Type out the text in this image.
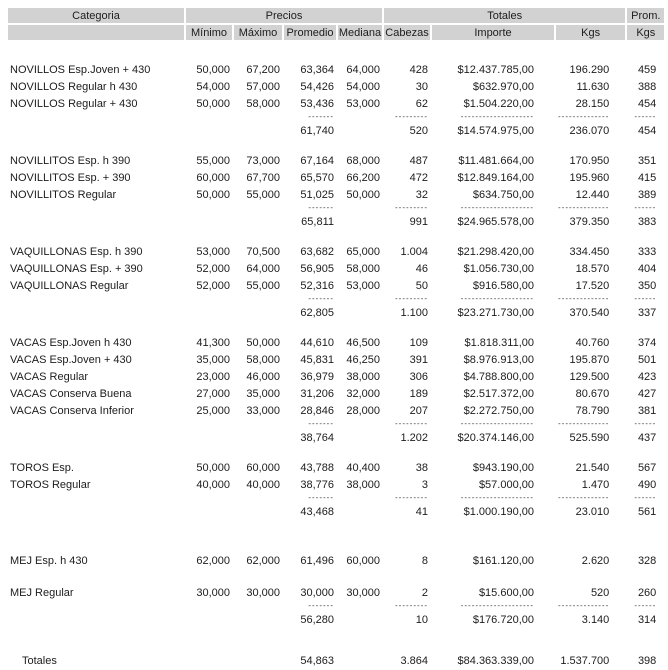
Categoria	Precios				Totales			Prom.
	Mínimo	Máximo	Promedio	Mediana	Cabezas	Importe	Kgs	Kgs

NOVILLOS Esp.Joven + 430	50,000	67,200	63,364	64,000	428	$12.437.785,00	196.290	459
NOVILLOS Regular h 430	54,000	57,000	54,426	54,000	30	$632.970,00	11.630	388
NOVILLOS Regular + 430	50,000	58,000	53,436	53,000	62	$1.504.220,00	28.150	454
			-------		---------	--------------------	--------------	------
			61,740		520	$14.574.975,00	236.070	454

NOVILLITOS Esp. h 390	55,000	73,000	67,164	68,000	487	$11.481.664,00	170.950	351
NOVILLITOS Esp. + 390	60,000	67,700	65,570	66,200	472	$12.849.164,00	195.960	415
NOVILLITOS Regular	50,000	55,000	51,025	50,000	32	$634.750,00	12.440	389
			-------		---------	--------------------	--------------	------
			65,811		991	$24.965.578,00	379.350	383

VAQUILLONAS Esp. h 390	53,000	70,500	63,682	65,000	1.004	$21.298.420,00	334.450	333
VAQUILLONAS Esp. + 390	52,000	64,000	56,905	58,000	46	$1.056.730,00	18.570	404
VAQUILLONAS Regular	52,000	55,000	52,316	53,000	50	$916.580,00	17.520	350
			-------		---------	--------------------	--------------	------
			62,805		1.100	$23.271.730,00	370.540	337

VACAS Esp.Joven h 430	41,300	50,000	44,610	46,500	109	$1.818.311,00	40.760	374
VACAS Esp.Joven + 430	35,000	58,000	45,831	46,250	391	$8.976.913,00	195.870	501
VACAS Regular	23,000	46,000	36,979	38,000	306	$4.788.800,00	129.500	423
VACAS Conserva Buena	27,000	35,000	31,206	32,000	189	$2.517.372,00	80.670	427
VACAS Conserva Inferior	25,000	33,000	28,846	28,000	207	$2.272.750,00	78.790	381
			-------		---------	--------------------	--------------	------
			38,764		1.202	$20.374.146,00	525.590	437

TOROS Esp.	50,000	60,000	43,788	40,400	38	$943.190,00	21.540	567
TOROS Regular	40,000	40,000	38,776	38,000	3	$57.000,00	1.470	490
			-------		---------	--------------------	--------------	------
			43,468		41	$1.000.190,00	23.010	561

MEJ Esp. h 430	62,000	62,000	61,496	60,000	8	$161.120,00	2.620	328

MEJ Regular	30,000	30,000	30,000	30,000	2	$15.600,00	520	260
			-------		---------	--------------------	--------------	------
			56,280		10	$176.720,00	3.140	314

Totales			54,863		3.864	$84.363.339,00	1.537.700	398
